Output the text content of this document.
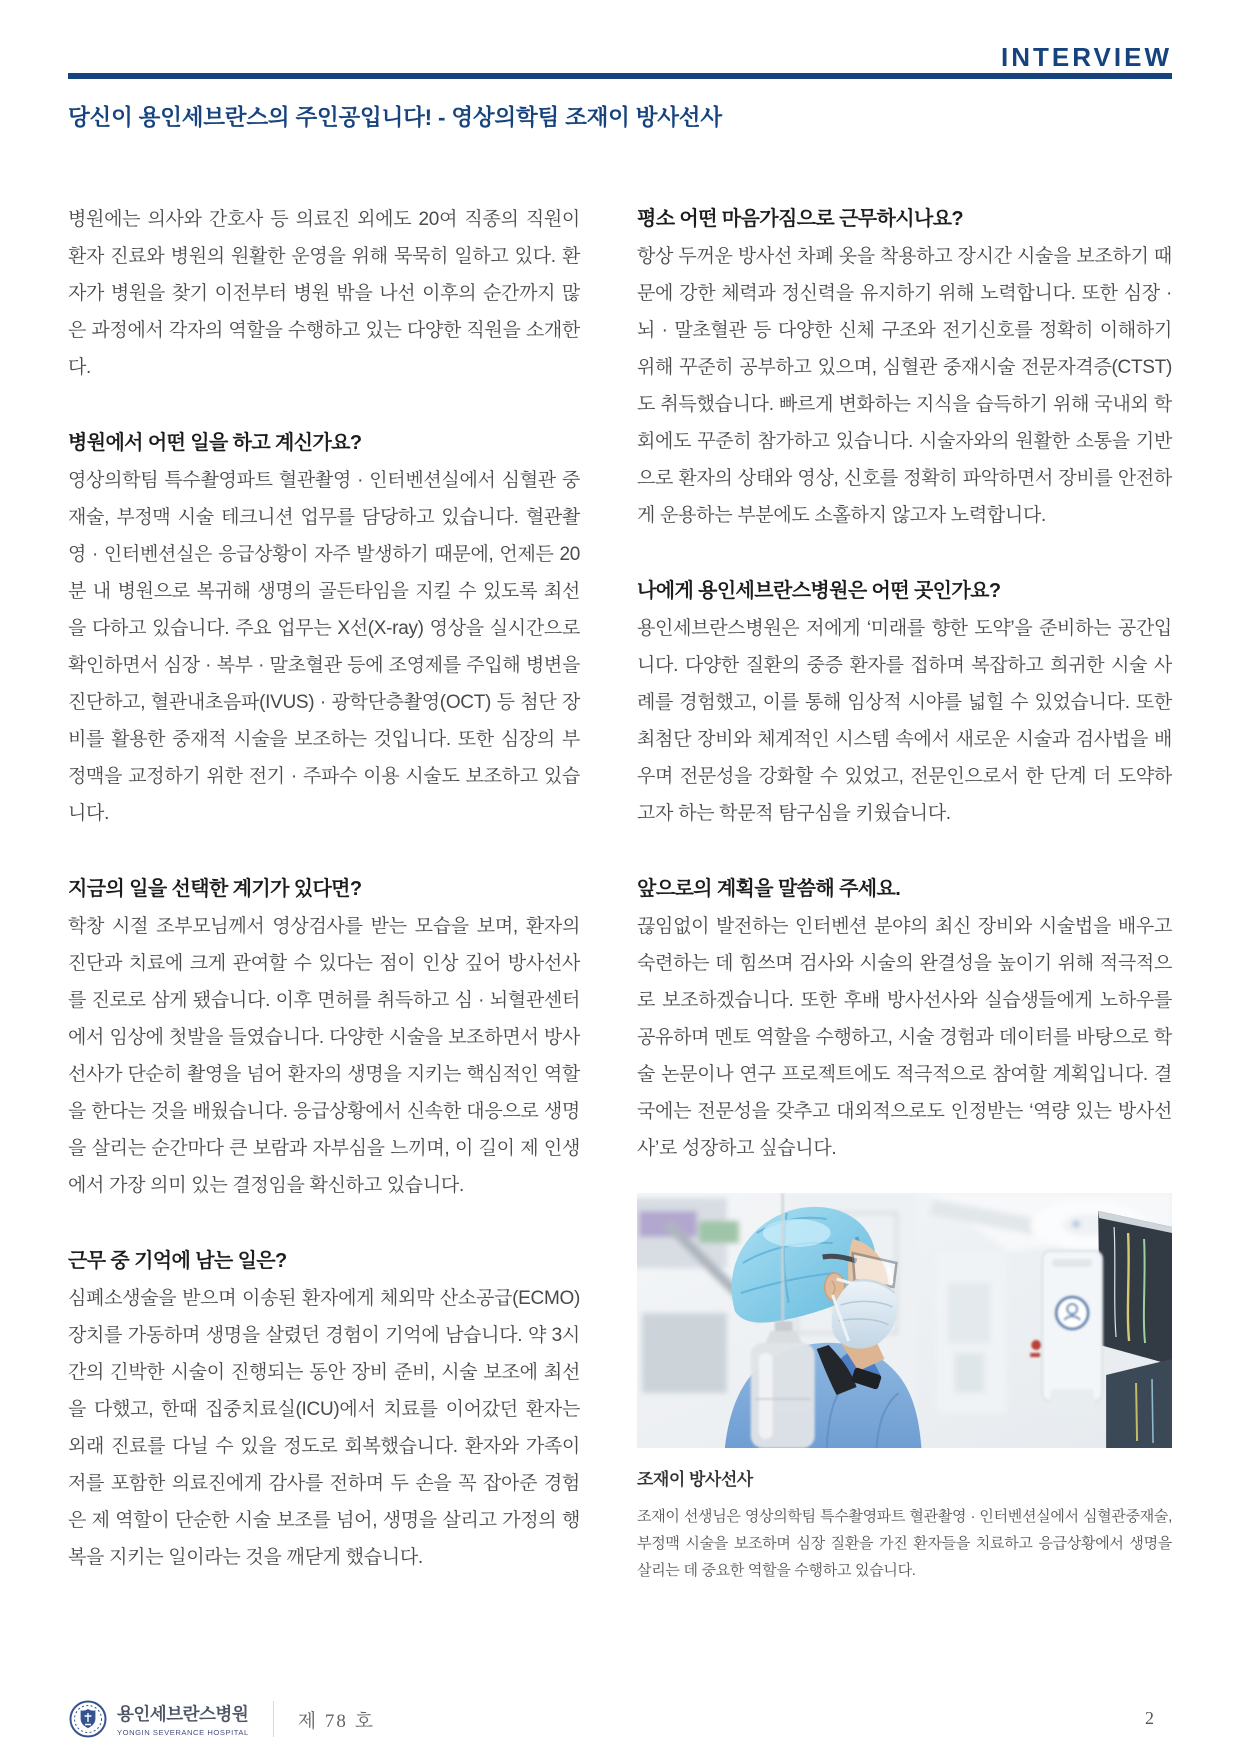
INTERVIEW
당신이 용인세브란스의 주인공입니다! - 영상의학팀 조재이 방사선사

병원에는 의사와 간호사 등 의료진 외에도 20여 직종의 직원이 환자 진료와 병원의 원활한 운영을 위해 묵묵히 일하고 있다. 환자가 병원을 찾기 이전부터 병원 밖을 나선 이후의 순간까지 많은 과정에서 각자의 역할을 수행하고 있는 다양한 직원을 소개한다.

병원에서 어떤 일을 하고 계신가요?

영상의학팀 특수촬영파트 혈관촬영 · 인터벤션실에서 심혈관 중재술, 부정맥 시술 테크니션 업무를 담당하고 있습니다. 혈관촬영 · 인터벤션실은 응급상황이 자주 발생하기 때문에, 언제든 20분 내 병원으로 복귀해 생명의 골든타임을 지킬 수 있도록 최선을 다하고 있습니다. 주요 업무는 X선(X-ray) 영상을 실시간으로 확인하면서 심장 · 복부 · 말초혈관 등에 조영제를 주입해 병변을 진단하고, 혈관내초음파(IVUS) · 광학단층촬영(OCT) 등 첨단 장비를 활용한 중재적 시술을 보조하는 것입니다. 또한 심장의 부정맥을 교정하기 위한 전기 · 주파수 이용 시술도 보조하고 있습니다.

지금의 일을 선택한 계기가 있다면?

학창 시절 조부모님께서 영상검사를 받는 모습을 보며, 환자의 진단과 치료에 크게 관여할 수 있다는 점이 인상 깊어 방사선사를 진로로 삼게 됐습니다. 이후 면허를 취득하고 심 · 뇌혈관센터에서 임상에 첫발을 들였습니다. 다양한 시술을 보조하면서 방사선사가 단순히 촬영을 넘어 환자의 생명을 지키는 핵심적인 역할을 한다는 것을 배웠습니다. 응급상황에서 신속한 대응으로 생명을 살리는 순간마다 큰 보람과 자부심을 느끼며, 이 길이 제 인생에서 가장 의미 있는 결정임을 확신하고 있습니다.

근무 중 기억에 남는 일은?

심폐소생술을 받으며 이송된 환자에게 체외막 산소공급(ECMO) 장치를 가동하며 생명을 살렸던 경험이 기억에 남습니다. 약 3시간의 긴박한 시술이 진행되는 동안 장비 준비, 시술 보조에 최선을 다했고, 한때 집중치료실(ICU)에서 치료를 이어갔던 환자는 외래 진료를 다닐 수 있을 정도로 회복했습니다. 환자와 가족이 저를 포함한 의료진에게 감사를 전하며 두 손을 꼭 잡아준 경험은 제 역할이 단순한 시술 보조를 넘어, 생명을 살리고 가정의 행복을 지키는 일이라는 것을 깨닫게 했습니다.

평소 어떤 마음가짐으로 근무하시나요?

항상 두꺼운 방사선 차폐 옷을 착용하고 장시간 시술을 보조하기 때문에 강한 체력과 정신력을 유지하기 위해 노력합니다. 또한 심장 · 뇌 · 말초혈관 등 다양한 신체 구조와 전기신호를 정확히 이해하기 위해 꾸준히 공부하고 있으며, 심혈관 중재시술 전문자격증(CTST)도 취득했습니다. 빠르게 변화하는 지식을 습득하기 위해 국내외 학회에도 꾸준히 참가하고 있습니다. 시술자와의 원활한 소통을 기반으로 환자의 상태와 영상, 신호를 정확히 파악하면서 장비를 안전하게 운용하는 부분에도 소홀하지 않고자 노력합니다.

나에게 용인세브란스병원은 어떤 곳인가요?

용인세브란스병원은 저에게 ‘미래를 향한 도약’을 준비하는 공간입니다. 다양한 질환의 중증 환자를 접하며 복잡하고 희귀한 시술 사례를 경험했고, 이를 통해 임상적 시야를 넓힐 수 있었습니다. 또한 최첨단 장비와 체계적인 시스템 속에서 새로운 시술과 검사법을 배우며 전문성을 강화할 수 있었고, 전문인으로서 한 단계 더 도약하고자 하는 학문적 탐구심을 키웠습니다.

앞으로의 계획을 말씀해 주세요.

끊임없이 발전하는 인터벤션 분야의 최신 장비와 시술법을 배우고 숙련하는 데 힘쓰며 검사와 시술의 완결성을 높이기 위해 적극적으로 보조하겠습니다. 또한 후배 방사선사와 실습생들에게 노하우를 공유하며 멘토 역할을 수행하고, 시술 경험과 데이터를 바탕으로 학술 논문이나 연구 프로젝트에도 적극적으로 참여할 계획입니다. 결국에는 전문성을 갖추고 대외적으로도 인정받는 ‘역량 있는 방사선사’로 성장하고 싶습니다.

조재이 방사선사

조재이 선생님은 영상의학팀 특수촬영파트 혈관촬영 · 인터벤션실에서 심혈관중재술, 부정맥 시술을 보조하며 심장 질환을 가진 환자들을 치료하고 응급상황에서 생명을 살리는 데 중요한 역할을 수행하고 있습니다.

용인세브란스병원
YONGIN SEVERANCE HOSPITAL
제 78 호	2
